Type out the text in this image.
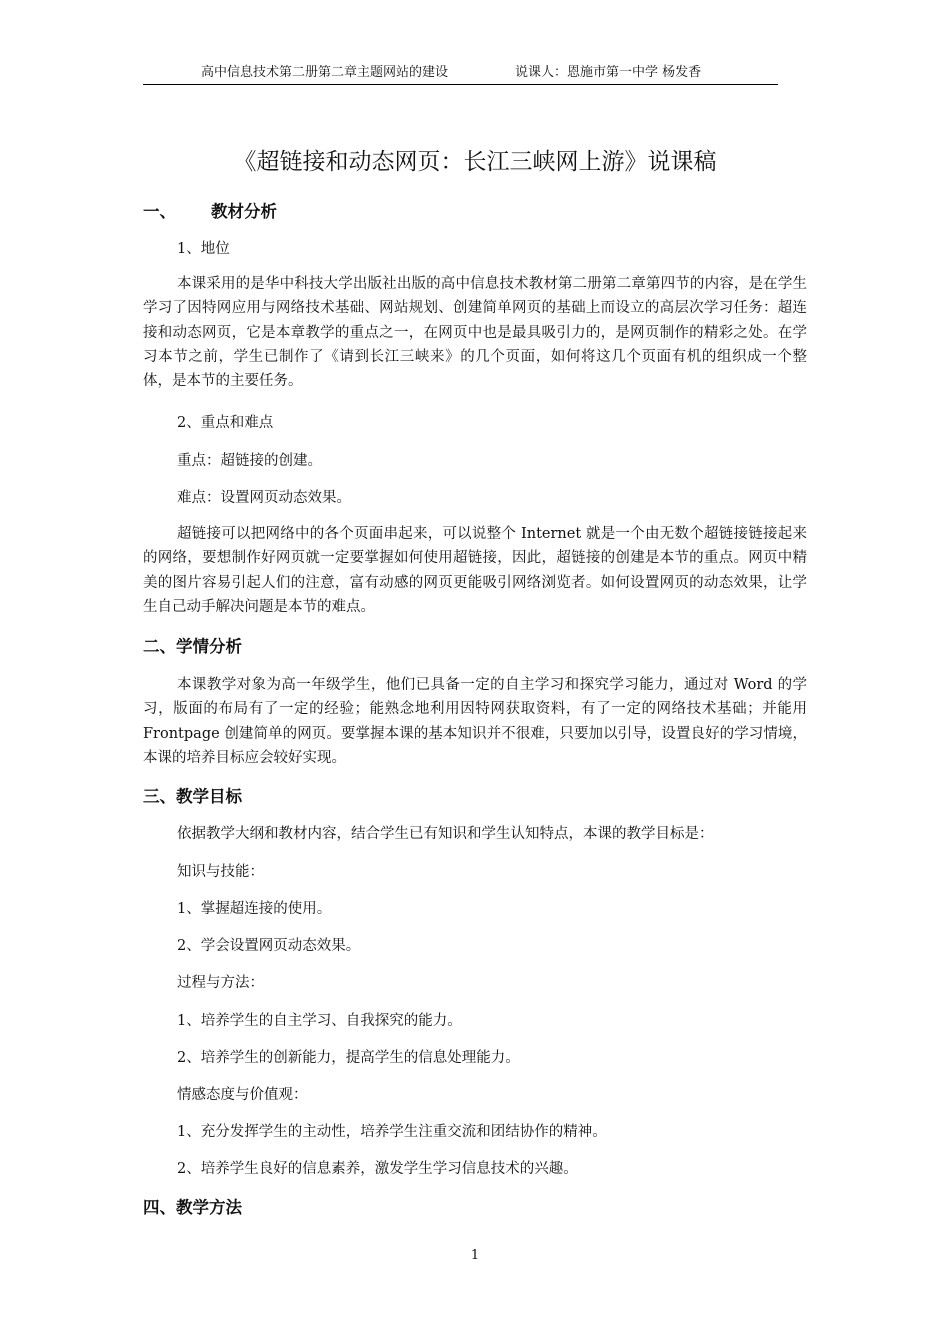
高中信息技术第二册第二章主题网站的建设	说课人：恩施市第一中学 杨发香
《超链接和动态网页：长江三峡网上游》说课稿
一、 教材分析
1、地位
本课采用的是华中科技大学出版社出版的高中信息技术教材第二册第二章第四节的内容，是在学生学习了因特网应用与网络技术基础、网站规划、创建简单网页的基础上而设立的高层次学习任务：超连接和动态网页，它是本章教学的重点之一，在网页中也是最具吸引力的，是网页制作的精彩之处。在学习本节之前，学生已制作了《请到长江三峡来》的几个页面，如何将这几个页面有机的组织成一个整体，是本节的主要任务。
2、重点和难点
重点：超链接的创建。
难点：设置网页动态效果。
超链接可以把网络中的各个页面串起来，可以说整个 Internet 就是一个由无数个超链接链接起来的网络，要想制作好网页就一定要掌握如何使用超链接，因此，超链接的创建是本节的重点。网页中精美的图片容易引起人们的注意，富有动感的网页更能吸引网络浏览者。如何设置网页的动态效果，让学生自己动手解决问题是本节的难点。
二、学情分析
本课教学对象为高一年级学生，他们已具备一定的自主学习和探究学习能力，通过对 Word 的学习，版面的布局有了一定的经验；能熟念地利用因特网获取资料，有了一定的网络技术基础；并能用 Frontpage 创建简单的网页。要掌握本课的基本知识并不很难，只要加以引导，设置良好的学习情境，本课的培养目标应会较好实现。
三、教学目标
依据教学大纲和教材内容，结合学生已有知识和学生认知特点，本课的教学目标是：
知识与技能：
1、掌握超连接的使用。
2、学会设置网页动态效果。
过程与方法：
1、培养学生的自主学习、自我探究的能力。
2、培养学生的创新能力，提高学生的信息处理能力。
情感态度与价值观：
1、充分发挥学生的主动性，培养学生注重交流和团结协作的精神。
2、培养学生良好的信息素养，激发学生学习信息技术的兴趣。
四、教学方法
1
